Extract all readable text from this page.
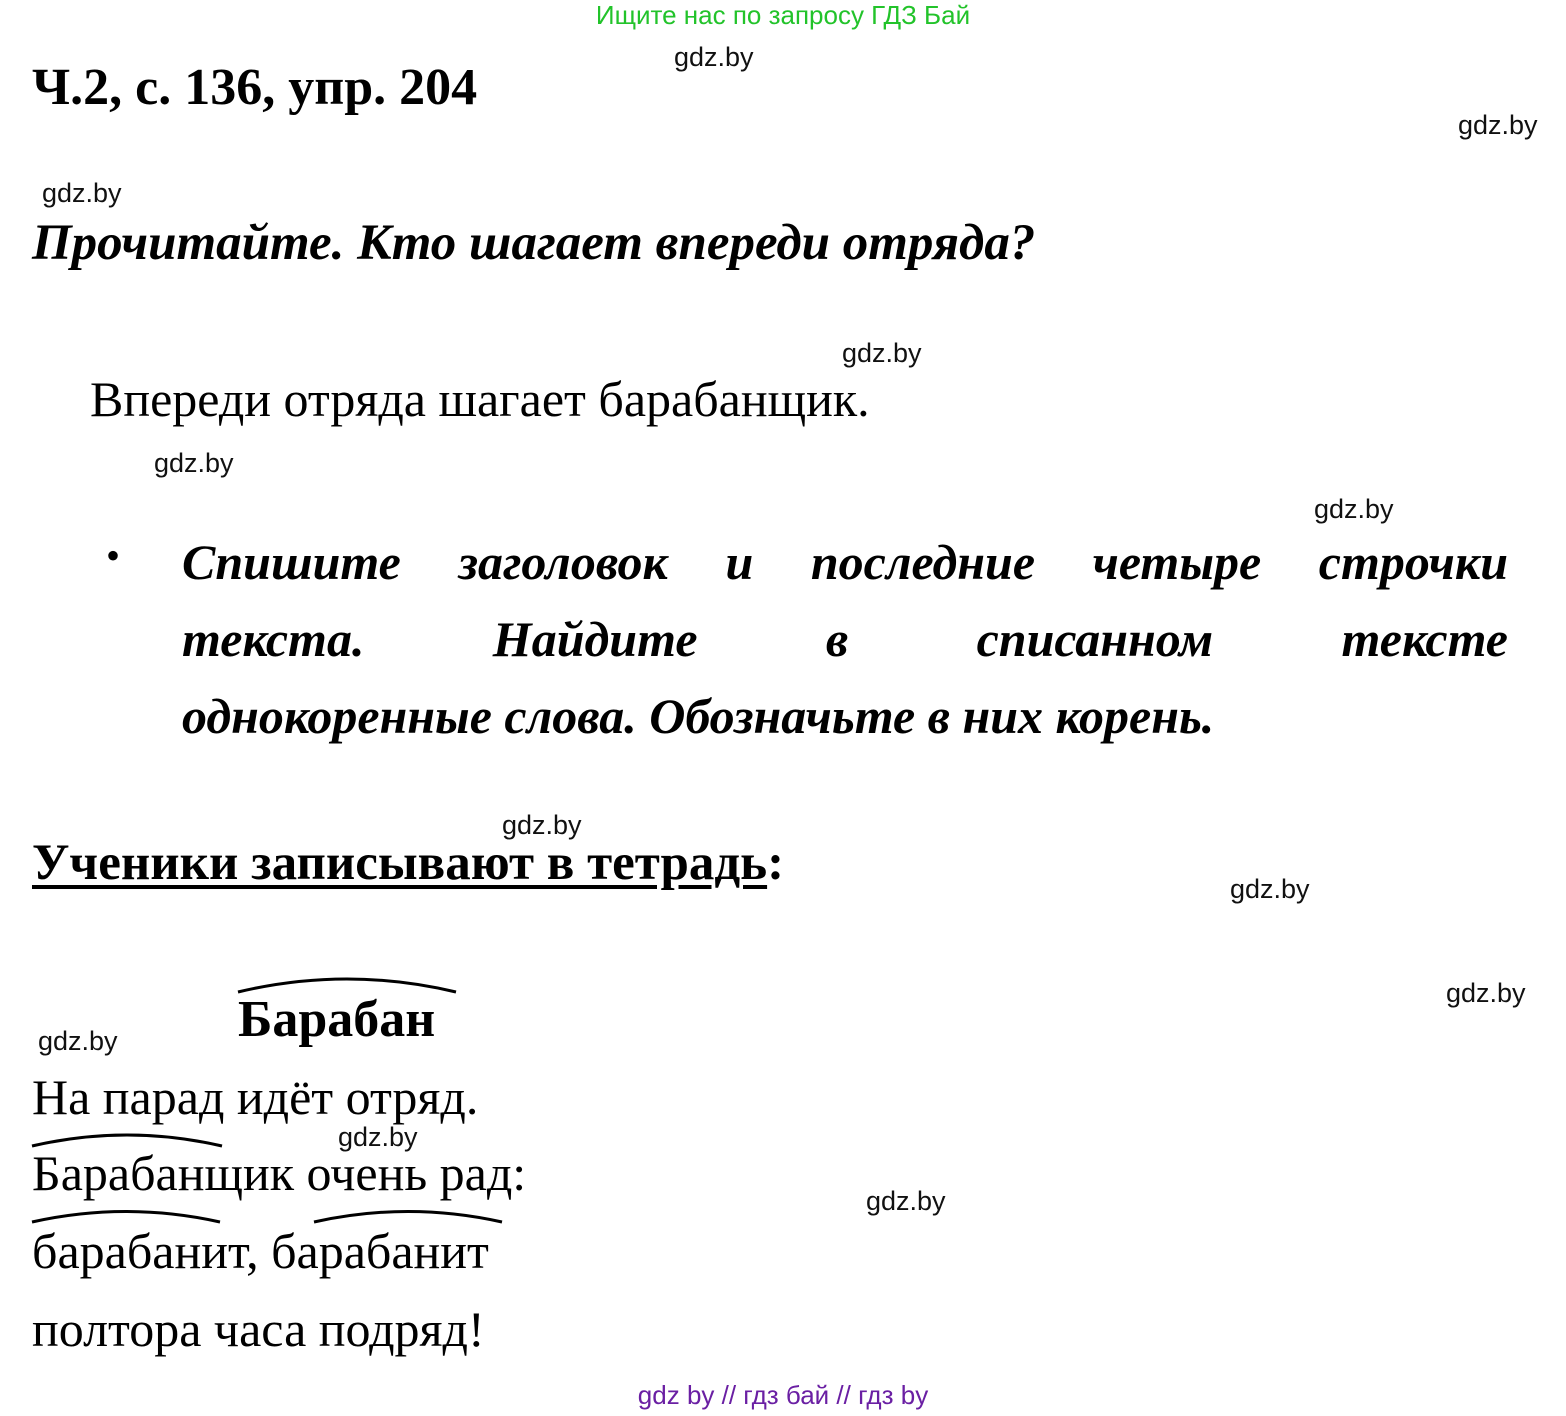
Ищите нас по запросу ГДЗ Бай
Ч.2, с. 136, упр. 204
Прочитайте. Кто шагает впереди отряда?
Впереди отряда шагает барабанщик.
• Спишите заголовок и последние четыре строчки
текста. Найдите в списанном тексте
однокоренные слова. Обозначьте в них корень.
Ученики записывают в тетрадь:
Барабан
На парад идёт отряд.
Барабанщик очень рад:
барабанит, барабанит
полтора часа подряд!
gdz.by
gdz.by
gdz.by
gdz.by
gdz.by
gdz.by
gdz.by
gdz.by
gdz.by
gdz.by
gdz.by
gdz.by
gdz by // гдз бай // гдз by
